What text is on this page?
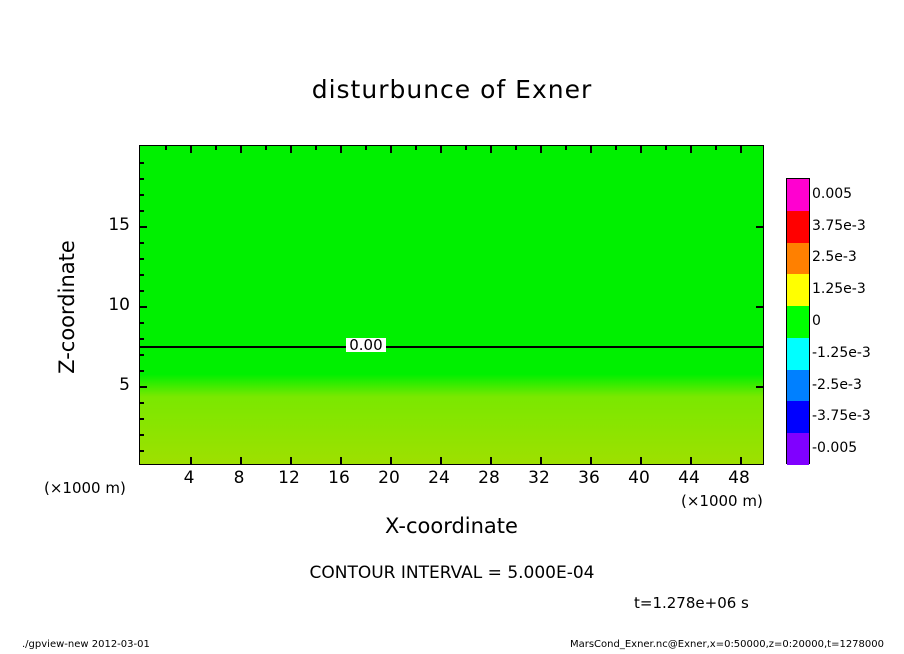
disturbunce of Exner
0.00
X-coordinate
Z-coordinate
(×1000 m)
(×1000 m)
CONTOUR INTERVAL = 5.000E-04
t=1.278e+06 s
./gpview-new 2012-03-01	MarsCond_Exner.nc@Exner,x=0:50000,z=0:20000,t=1278000
4	8	12	16	20	24	28	32	36	40	44	48
5
10
15
0.005
3.75e-3
2.5e-3
1.25e-3
0
-1.25e-3
-2.5e-3
-3.75e-3
-0.005
